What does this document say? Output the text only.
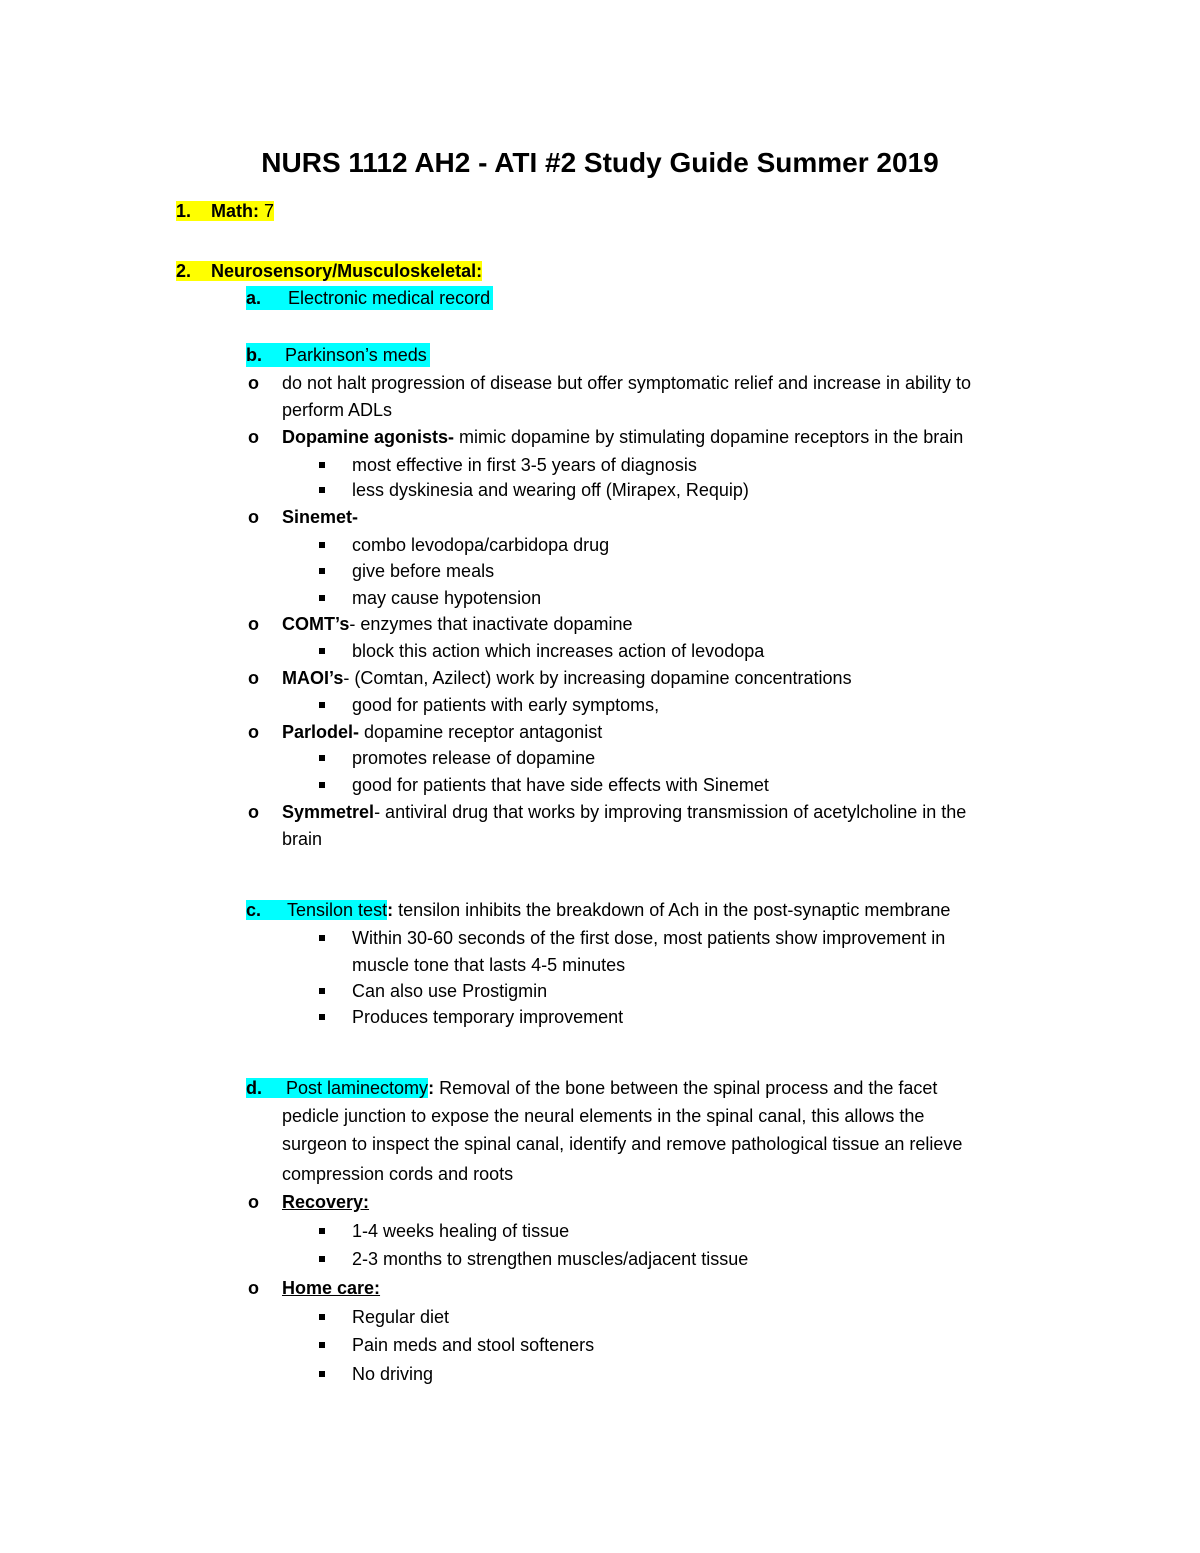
NURS 1112 AH2 - ATI #2 Study Guide Summer 2019
1. Math: 7
2. Neurosensory/Musculoskeletal:
a. Electronic medical record
b. Parkinson’s meds
o do not halt progression of disease but offer symptomatic relief and increase in ability to
perform ADLs
o Dopamine agonists- mimic dopamine by stimulating dopamine receptors in the brain
most effective in first 3-5 years of diagnosis
less dyskinesia and wearing off (Mirapex, Requip)
o Sinemet-
combo levodopa/carbidopa drug
give before meals
may cause hypotension
o COMT’s- enzymes that inactivate dopamine
block this action which increases action of levodopa
o MAOI’s- (Comtan, Azilect) work by increasing dopamine concentrations
good for patients with early symptoms,
o Parlodel- dopamine receptor antagonist
promotes release of dopamine
good for patients that have side effects with Sinemet
o Symmetrel- antiviral drug that works by improving transmission of acetylcholine in the
brain
c. Tensilon test: tensilon inhibits the breakdown of Ach in the post-synaptic membrane
Within 30-60 seconds of the first dose, most patients show improvement in
muscle tone that lasts 4-5 minutes
Can also use Prostigmin
Produces temporary improvement
d. Post laminectomy: Removal of the bone between the spinal process and the facet
pedicle junction to expose the neural elements in the spinal canal, this allows the
surgeon to inspect the spinal canal, identify and remove pathological tissue an relieve
compression cords and roots
o Recovery:
1-4 weeks healing of tissue
2-3 months to strengthen muscles/adjacent tissue
o Home care:
Regular diet
Pain meds and stool softeners
No driving
